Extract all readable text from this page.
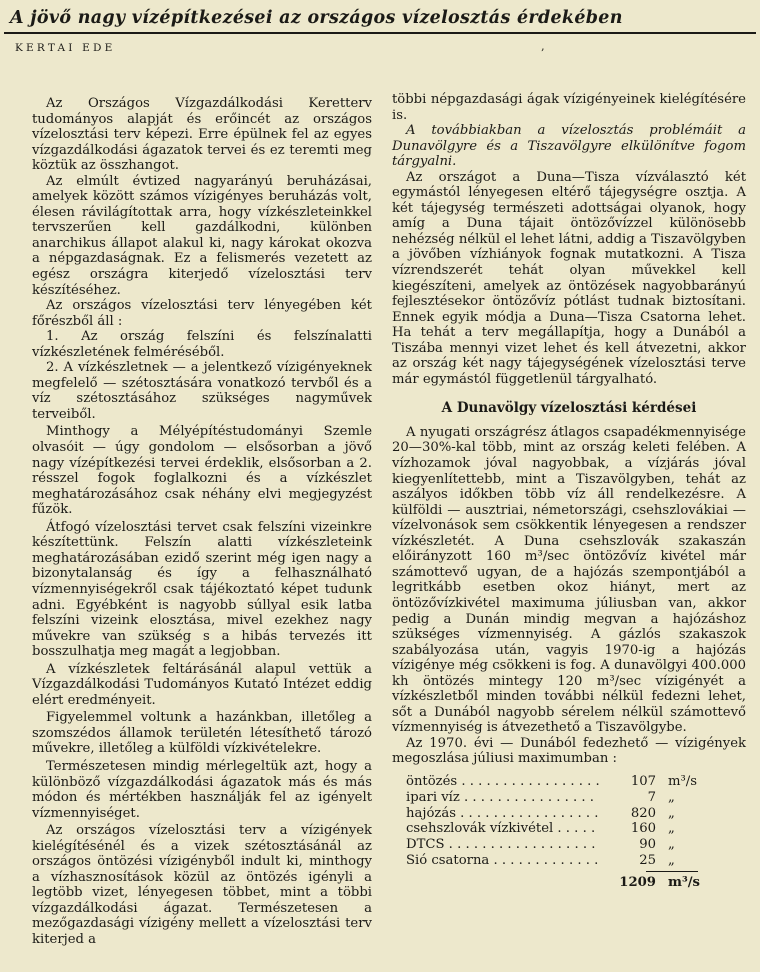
A jövő nagy vízépítkezései az országos vízelosztás érdekében
KERTAI EDE

Az Országos Vízgazdálkodási Keretterv tudományos alapját és erőincét az országos vízelosztási terv képezi. Erre épülnek fel az egyes vízgazdálkodási ágazatok tervei és ez teremti meg köztük az összhangot.

Az elmúlt évtized nagyarányú beruházásai, amelyek között számos vízigényes beruházás volt, élesen rávilágítottak arra, hogy vízkészleteinkkel tervszerűen kell gazdálkodni, különben anarchikus állapot alakul ki, nagy károkat okozva a népgazdaságnak. Ez a felismerés vezetett az egész országra kiterjedő vízelosztási terv készítéséhez.

Az országos vízelosztási terv lényegében két főrészből áll :

1. Az ország felszíni és felszínalatti vízkészletének felméréséből.

2. A vízkészletnek — a jelentkező vízigényeknek megfelelő — szétosztására vonatkozó tervből és a víz szétosztásához szükséges nagyművek terveiből.

Minthogy a Mélyépítéstudományi Szemle olvasóit — úgy gondolom — elsősorban a jövő nagy vízépítkezési tervei érdeklik, elsősorban a 2. résszel fogok foglalkozni és a vízkészlet meghatározásához csak néhány elvi megjegyzést fűzök.

Átfogó vízelosztási tervet csak felszíni vizeinkre készítettünk. Felszín alatti vízkészleteink meghatározásában ezidő szerint még igen nagy a bizonytalanság és így a felhasználható vízmennyiségekről csak tájékoztató képet tudunk adni. Egyébként is nagyobb súllyal esik latba felszíni vizeink elosztása, mivel ezekhez nagy művekre van szükség s a hibás tervezés itt bosszulhatja meg magát a legjobban.

A vízkészletek feltárásánál alapul vettük a Vízgazdálkodási Tudományos Kutató Intézet eddig elért eredményeit.

Figyelemmel voltunk a hazánkban, illetőleg a szomszédos államok területén létesíthető tározó művekre, illetőleg a külföldi vízkivételekre.

Természetesen mindig mérlegeltük azt, hogy a különböző vízgazdálkodási ágazatok más és más módon és mértékben használják fel az igényelt vízmennyiséget.

Az országos vízelosztási terv a vízigények kielégítésénél és a vizek szétosztásánál az országos öntözési vízigényből indult ki, minthogy a vízhasznosítások közül az öntözés igényli a legtöbb vizet, lényegesen többet, mint a többi vízgazdálkodási ágazat. Természetesen a mezőgazdasági vízigény mellett a vízelosztási terv kiterjed a

többi népgazdasági ágak vízigényeinek kielégítésére is.

A továbbiakban a vízelosztás problémáit a Dunavölgyre és a Tiszavölgyre elkülönítve fogom tárgyalni.

Az országot a Duna—Tisza vízválasztó két egymástól lényegesen eltérő tájegységre osztja. A két tájegység természeti adottságai olyanok, hogy amíg a Duna tájait öntözővízzel különösebb nehézség nélkül el lehet látni, addig a Tiszavölgyben a jövőben vízhiányok fognak mutatkozni. A Tisza vízrendszerét tehát olyan művekkel kell kiegészíteni, amelyek az öntözések nagyobbarányú fejlesztésekor öntözővíz pótlást tudnak biztosítani. Ennek egyik módja a Duna—Tisza Csatorna lehet. Ha tehát a terv megállapítja, hogy a Dunából a Tiszába mennyi vizet lehet és kell átvezetni, akkor az ország két nagy tájegységének vízelosztási terve már egymástól függetlenül tárgyalható.

A Dunavölgy vízelosztási kérdései

A nyugati országrész átlagos csapadékmennyisége 20—30%-kal több, mint az ország keleti felében. A vízhozamok jóval nagyobbak, a vízjárás jóval kiegyenlítettebb, mint a Tiszavölgyben, tehát az aszályos időkben több víz áll rendelkezésre. A külföldi — ausztriai, németországi, csehszlovákiai — vízelvonások sem csökkentik lényegesen a rendszer vízkészletét. A Duna csehszlovák szakaszán előirányzott 160 m³/sec öntözővíz kivétel már számottevő ugyan, de a hajózás szempontjából a legritkább esetben okoz hiányt, mert az öntözővízkivétel maximuma júliusban van, akkor pedig a Dunán mindig megvan a hajózáshoz szükséges vízmennyiség. A gázlós szakaszok szabályozása után, vagyis 1970-ig a hajózás vízigénye még csökkeni is fog. A dunavölgyi 400.000 kh öntözés mintegy 120 m³/sec vízigényét a vízkészletből minden további nélkül fedezni lehet, sőt a Dunából nagyobb sérelem nélkül számottevő vízmennyiség is átvezethető a Tiszavölgybe.

Az 1970. évi — Dunából fedezhető — vízigények megoszlása júliusi maximumban :

öntözés . . . . . . . . . . . . . . . . . 107 m³/s
ipari víz . . . . . . . . . . . . . . . .	7 „
hajózás . . . . . . . . . . . . . . . . . 820 „
csehszlovák vízkivétel . . . . .	160 „
DTCS . . . . . . . . . . . . . . . . . .	90 „
Sió csatorna . . . . . . . . . . . . .	25 „
1209 m³/s
‚
